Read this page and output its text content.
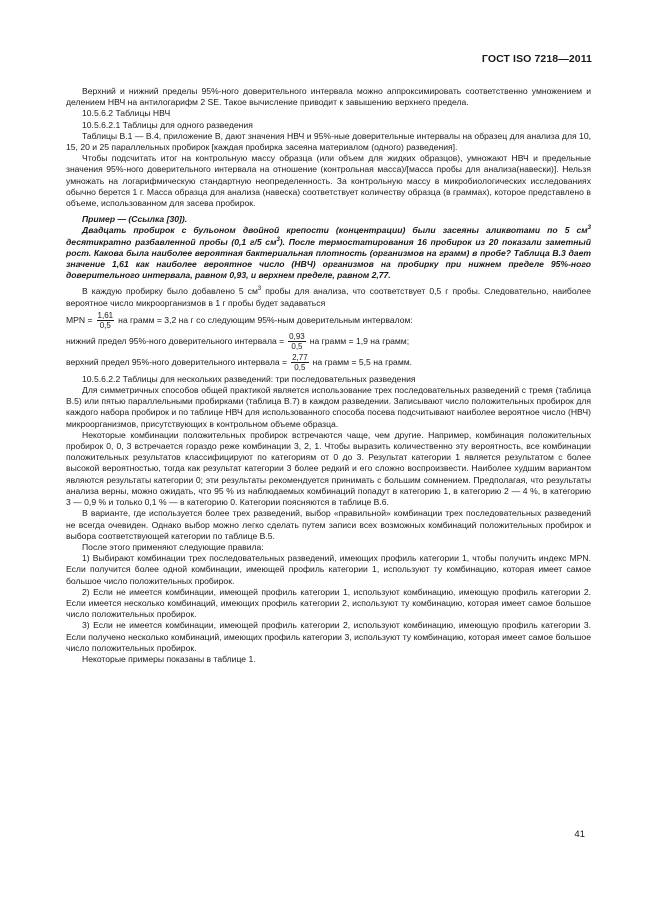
ГОСТ ISO 7218—2011

Верхний и нижний пределы 95%-ного доверительного интервала можно аппроксимировать соответственно умножением и делением НВЧ на антилогарифм 2 SE. Такое вычисление приводит к завышению верхнего предела.

10.5.6.2 Таблицы НВЧ

10.5.6.2.1 Таблицы для одного разведения

Таблицы В.1 — В.4, приложение В, дают значения НВЧ и 95%-ные доверительные интервалы на образец для анализа для 10, 15, 20 и 25 параллельных пробирок [каждая пробирка засеяна материалом (одного) разведения].

Чтобы подсчитать итог на контрольную массу образца (или объем для жидких образцов), умножают НВЧ и предельные значения 95%-ного доверительного интервала на отношение (контрольная масса)/[масса пробы для анализа(навески)]. Нельзя умножать на логарифмическую стандартную неопределенность. За контрольную массу в микробиологических исследованиях обычно берется 1 г. Масса образца для анализа (навеска) соответствует количеству образца (в граммах), которое представлено в объеме, использованном для засева пробирок.

Пример — (Ссылка [30]).

Двадцать пробирок с бульоном двойной крепости (концентрации) были засеяны аликвотами по 5 $см^3$ десятикратно разбавленной пробы (0,1 г/5 $см^3$). После термостатирования 16 пробирок из 20 показали заметный рост. Какова была наиболее вероятная бактериальная плотность (организмов на грамм) в пробе? Таблица В.3 дает значение 1,61 как наиболее вероятное число (НВЧ) организмов на пробирку при нижнем пределе 95%-ного доверительного интервала, равном 0,93, и верхнем пределе, равном 2,77.

В каждую пробирку было добавлено 5 $см^3$ пробы для анализа, что соответствует 0,5 г пробы. Следовательно, наиболее вероятное число микроорганизмов в 1 г пробы будет задаваться

MPN = $\frac{1,61}{0,5}$ на грамм = 3,2 на г со следующим 95%-ным доверительным интервалом:

нижний предел 95%-ного доверительного интервала = $\frac{0,93}{0,5}$ на грамм = 1,9 на грамм;

верхний предел 95%-ного доверительного интервала = $\frac{2,77}{0,5}$ на грамм = 5,5 на грамм.

10.5.6.2.2 Таблицы для нескольких разведений: три последовательных разведения

Для симметричных способов общей практикой является использование трех последовательных разведений с тремя (таблица В.5) или пятью параллельными пробирками (таблица В.7) в каждом разведении. Записывают число положительных пробирок для каждого набора пробирок и по таблице НВЧ для использованного способа посева подсчитывают наиболее вероятное число (НВЧ) микроорганизмов, присутствующих в контрольном объеме образца.

Некоторые комбинации положительных пробирок встречаются чаще, чем другие. Например, комбинация положительных пробирок 0, 0, 3 встречается гораздо реже комбинации 3, 2, 1. Чтобы выразить количественно эту вероятность, все комбинации положительных результатов классифицируют по категориям от 0 до 3. Результат категории 1 является результатом с более высокой вероятностью, тогда как результат категории 3 более редкий и его сложно воспроизвести. Наиболее худшим вариантом являются результаты категории 0; эти результаты рекомендуется принимать с большим сомнением. Предполагая, что результаты анализа верны, можно ожидать, что 95 % из наблюдаемых комбинаций попадут в категорию 1, в категорию 2 — 4 %, в категорию 3 — 0,9 % и только 0,1 % — в категорию 0. Категории поясняются в таблице В.6.

В варианте, где используется более трех разведений, выбор «правильной» комбинации трех последовательных разведений не всегда очевиден. Однако выбор можно легко сделать путем записи всех возможных комбинаций положительных пробирок и выбора соответствующей категории по таблице В.5.

После этого применяют следующие правила:

1) Выбирают комбинации трех последовательных разведений, имеющих профиль категории 1, чтобы получить индекс MPN. Если получится более одной комбинации, имеющей профиль категории 1, используют ту комбинацию, которая имеет самое большое число положительных пробирок.

2) Если не имеется комбинации, имеющей профиль категории 1, используют комбинацию, имеющую профиль категории 2. Если имеется несколько комбинаций, имеющих профиль категории 2, используют ту комбинацию, которая имеет самое большое число положительных пробирок.

3) Если не имеется комбинации, имеющей профиль категории 2, используют комбинацию, имеющую профиль категории 3. Если получено несколько комбинаций, имеющих профиль категории 3, используют ту комбинацию, которая имеет самое большое число положительных пробирок.

Некоторые примеры показаны в таблице 1.

41
